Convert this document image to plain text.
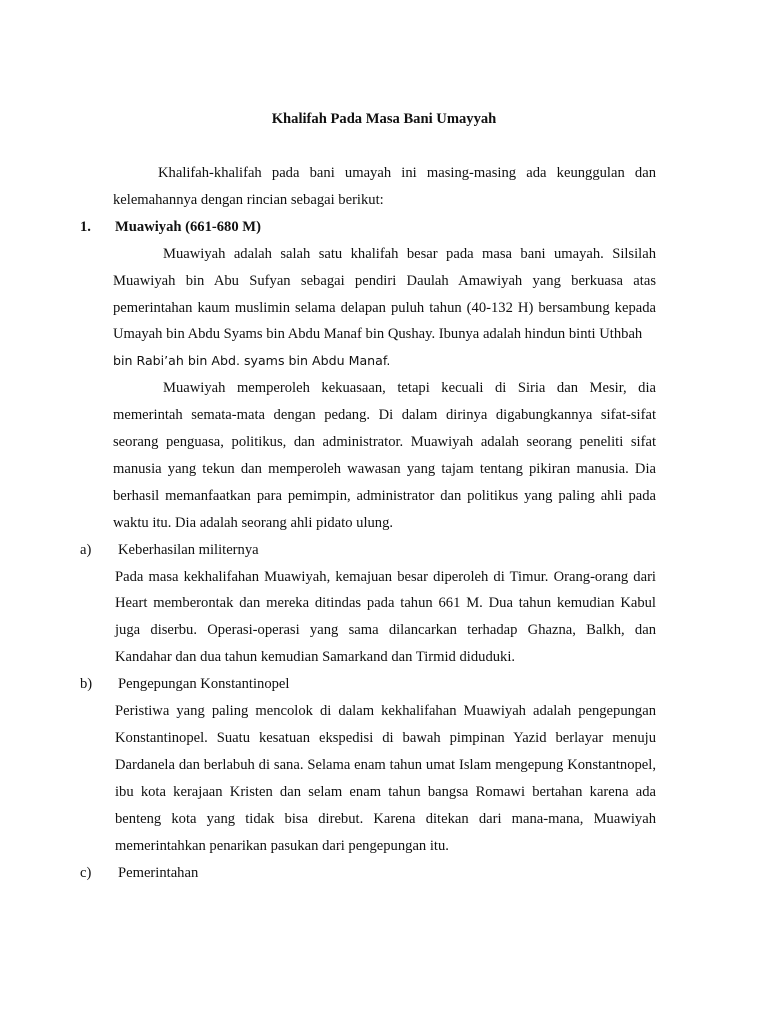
Khalifah Pada Masa Bani Umayyah

Khalifah-khalifah pada bani umayah ini masing-masing ada keunggulan dan kelemahannya dengan rincian sebagai berikut:

1. Muawiyah (661-680 M)

Muawiyah adalah salah satu khalifah besar pada masa bani umayah. Silsilah Muawiyah bin Abu Sufyan sebagai pendiri Daulah Amawiyah yang berkuasa atas pemerintahan kaum muslimin selama delapan puluh tahun (40-132 H) bersambung kepada Umayah bin Abdu Syams bin Abdu Manaf bin Qushay. Ibunya adalah hindun binti Uthbah
bin Rabi’ah bin Abd. syams bin Abdu Manaf.

Muawiyah memperoleh kekuasaan, tetapi kecuali di Siria dan Mesir, dia memerintah semata-mata dengan pedang. Di dalam dirinya digabungkannya sifat-sifat seorang penguasa, politikus, dan administrator. Muawiyah adalah seorang peneliti sifat manusia yang tekun dan memperoleh wawasan yang tajam tentang pikiran manusia. Dia berhasil memanfaatkan para pemimpin, administrator dan politikus yang paling ahli pada waktu itu. Dia adalah seorang ahli pidato ulung.

a) Keberhasilan militernya

Pada masa kekhalifahan Muawiyah, kemajuan besar diperoleh di Timur. Orang-orang dari Heart memberontak dan mereka ditindas pada tahun 661 M. Dua tahun kemudian Kabul juga diserbu. Operasi-operasi yang sama dilancarkan terhadap Ghazna, Balkh, dan Kandahar dan dua tahun kemudian Samarkand dan Tirmid diduduki.

b) Pengepungan Konstantinopel

Peristiwa yang paling mencolok di dalam kekhalifahan Muawiyah adalah pengepungan Konstantinopel. Suatu kesatuan ekspedisi di bawah pimpinan Yazid berlayar menuju Dardanela dan berlabuh di sana. Selama enam tahun umat Islam mengepung Konstantnopel, ibu kota kerajaan Kristen dan selam enam tahun bangsa Romawi bertahan karena ada benteng kota yang tidak bisa direbut. Karena ditekan dari mana-mana, Muawiyah memerintahkan penarikan pasukan dari pengepungan itu.

c) Pemerintahan
